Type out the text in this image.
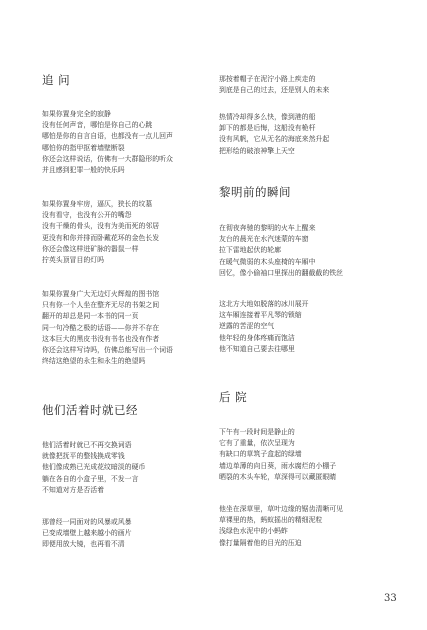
追 问
如果你置身完全的寂静
没有任何声音，哪怕是你自己的心跳
哪怕是你的自言自语，也都没有一点儿回声
哪怕你的指甲抠着墙壁断裂
你还会这样说话，仿佛有一大群隐形的听众
并且感到犯罪一般的快乐吗
如果你置身牢房，逼仄，狭长的坟墓
没有看守，也没有公开的嘴怨
没有干燥的骨头，没有为美而死的邻居
更没有和你并排而卧戴花环的金色长发
你还会像这样迸矿脉的嚣鼠一样
拧英头顶冒目的灯吗
如果你置身广大无边灯火辉煌的图书馆
只有你一个人坐在整齐无尽的书架之间
翻开的却总是同一本书的同一页
同一句冷酷之极的话语——你并不存在
这本巨大的黑皮书没有书名也没有作者
你还会这样写诗吗，仿佛总能写出一个词语
终结这绝望的永生和永生的绝望吗
他们活着时就已经
他们活着时就已不再交换词语
就像把抚平的整钱换成零钱
他们像成熟已光成花纹暗淡的硬币
躺在各自的小盒子里，不发一言
不知道对方是否活着
那曾经一同面对的风暴或风暴
已变成墙壁上越来越小的画片
即便用放大镜，也再看不清
那按着帽子在泥泞小路上疾走的
到底是自己的过去，还是别人的未来
热情冷却得多么快，像到港的船
卸下的都是后悔，这船没有桅杆
没有风帆，它从无名的海底来然升起
把形绘的破浪神擎上天空
黎明前的瞬间
在彻夜奔驰的黎明的火车上醒来
友台的晨光在水汽迷蒙的车窗
拉下雷地起伏的轮廓
在暖气微弱的木头座椅的车厢中
回忆，像小偷袖口里探出的翻截截的铁丝
这北方大地如脱落的冰川展开
这车厢连接着平凡琴的锁缩
逆露的苦涩的空气
他年轻的身体疼痛而饱洁
他不知道自己要去往哪里
后 院
下午有一段时间是静止的
它有了重量，依次呈现为
有缺口的草筑子盒起的绿墙
墙边单薄的向日葵，雨水腐烂的小棚子
晒裂的木头车轮，草深得可以藏匿眼睛
他坐在深草里，草叶边缘的锯齿清晰可见
草裸里的热，蚂蚁摇出的精细泥粒
浅绿色水泥中的小蚂蚱
像打量隔着他的目光的压迫
33
